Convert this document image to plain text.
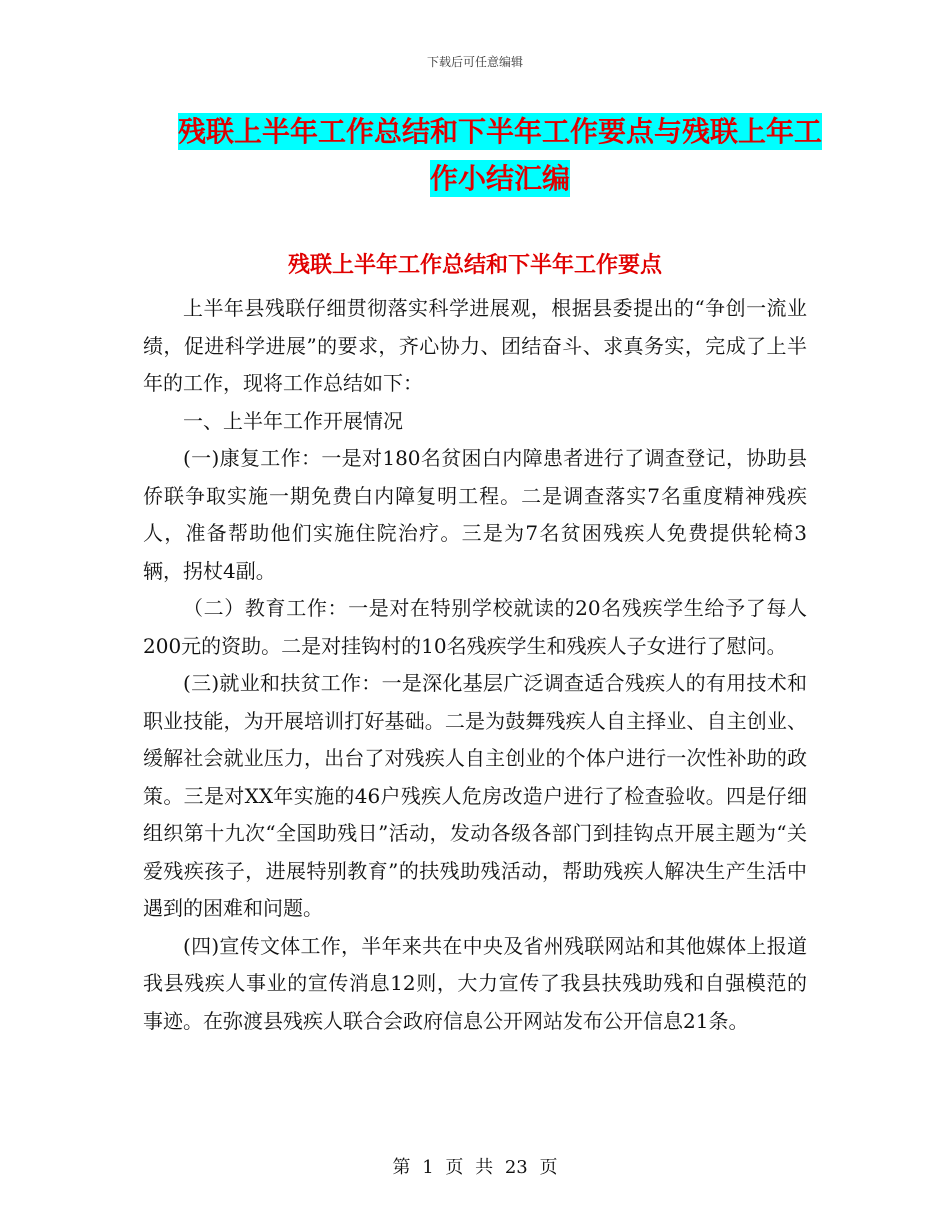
下载后可任意编辑
残联上半年工作总结和下半年工作要点与残联上年工
作小结汇编
残联上半年工作总结和下半年工作要点

上半年县残联仔细贯彻落实科学进展观，根据县委提出的“争创一流业绩，促进科学进展”的要求，齐心协力、团结奋斗、求真务实，完成了上半年的工作，现将工作总结如下：

一、上半年工作开展情况

(一)康复工作：一是对180名贫困白内障患者进行了调查登记，协助县侨联争取实施一期免费白内障复明工程。二是调查落实7名重度精神残疾人，准备帮助他们实施住院治疗。三是为7名贫困残疾人免费提供轮椅3辆，拐杖4副。

（二）教育工作：一是对在特别学校就读的20名残疾学生给予了每人200元的资助。二是对挂钩村的10名残疾学生和残疾人子女进行了慰问。

(三)就业和扶贫工作：一是深化基层广泛调查适合残疾人的有用技术和职业技能，为开展培训打好基础。二是为鼓舞残疾人自主择业、自主创业、缓解社会就业压力，出台了对残疾人自主创业的个体户进行一次性补助的政策。三是对XX年实施的46户残疾人危房改造户进行了检查验收。四是仔细组织第十九次“全国助残日”活动，发动各级各部门到挂钩点开展主题为“关爱残疾孩子，进展特别教育”的扶残助残活动，帮助残疾人解决生产生活中遇到的困难和问题。

(四)宣传文体工作，半年来共在中央及省州残联网站和其他媒体上报道我县残疾人事业的宣传消息12则，大力宣传了我县扶残助残和自强模范的事迹。在弥渡县残疾人联合会政府信息公开网站发布公开信息21条。

第 1 页 共 23 页
